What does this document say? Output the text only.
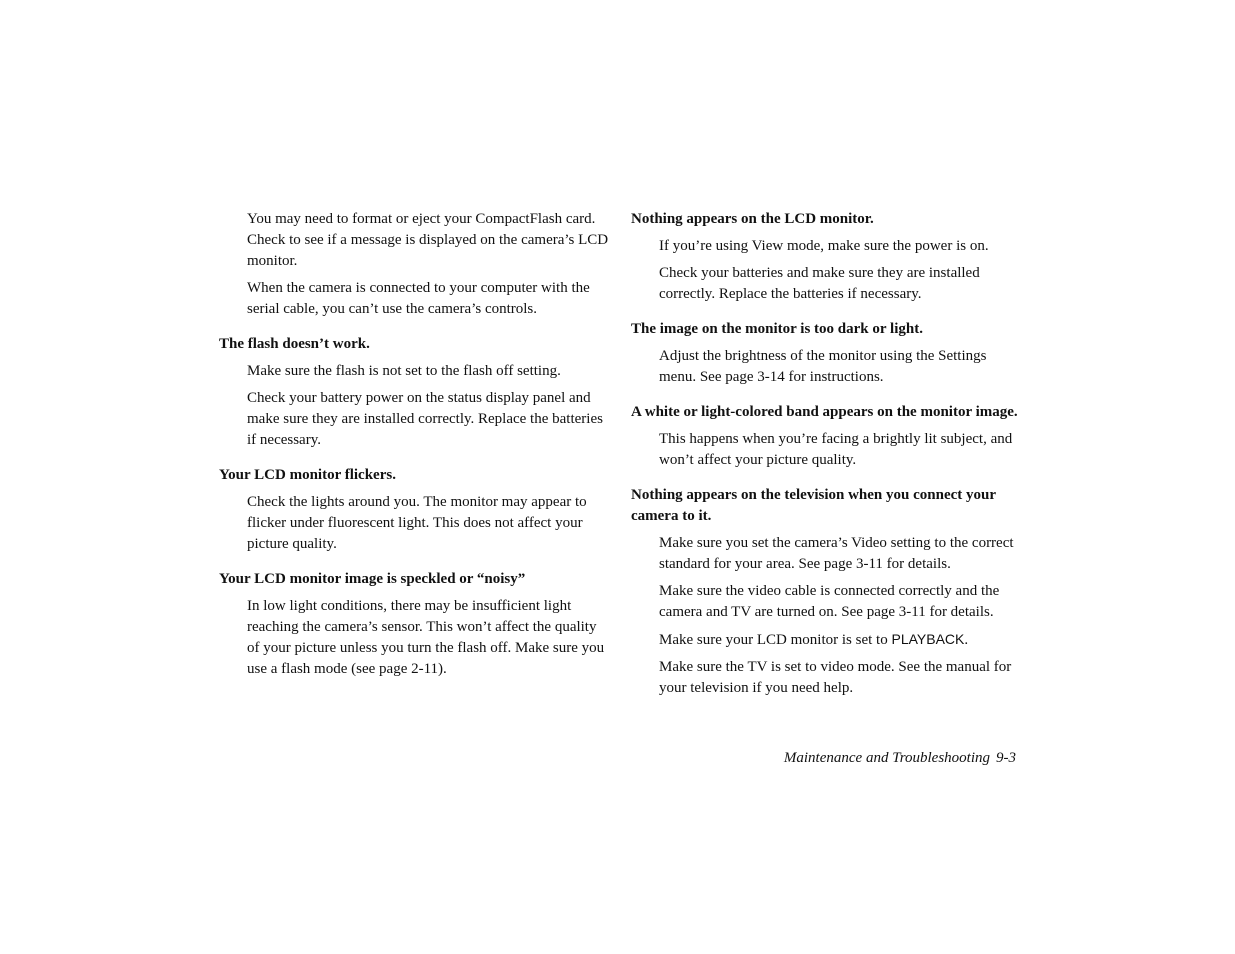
You may need to format or eject your CompactFlash card. Check to see if a message is displayed on the camera’s LCD monitor.

When the camera is connected to your computer with the serial cable, you can’t use the camera’s controls.

The flash doesn’t work.

Make sure the flash is not set to the flash off setting.

Check your battery power on the status display panel and make sure they are installed correctly. Replace the batteries if necessary.

Your LCD monitor flickers.

Check the lights around you. The monitor may appear to flicker under fluorescent light. This does not affect your picture quality.

Your LCD monitor image is speckled or “noisy”

In low light conditions, there may be insufficient light reaching the camera’s sensor. This won’t affect the quality of your picture unless you turn the flash off. Make sure you use a flash mode (see page 2-11).

Nothing appears on the LCD monitor.

If you’re using View mode, make sure the power is on.

Check your batteries and make sure they are installed correctly. Replace the batteries if necessary.

The image on the monitor is too dark or light.

Adjust the brightness of the monitor using the Settings menu. See page 3-14 for instructions.

A white or light-colored band appears on the monitor image.

This happens when you’re facing a brightly lit subject, and won’t affect your picture quality.

Nothing appears on the television when you connect your camera to it.

Make sure you set the camera’s Video setting to the correct standard for your area. See page 3-11 for details.

Make sure the video cable is connected correctly and the camera and TV are turned on. See page 3-11 for details.

Make sure your LCD monitor is set to PLAYBACK.

Make sure the TV is set to video mode. See the manual for your television if you need help.

Maintenance and Troubleshooting 9-3
